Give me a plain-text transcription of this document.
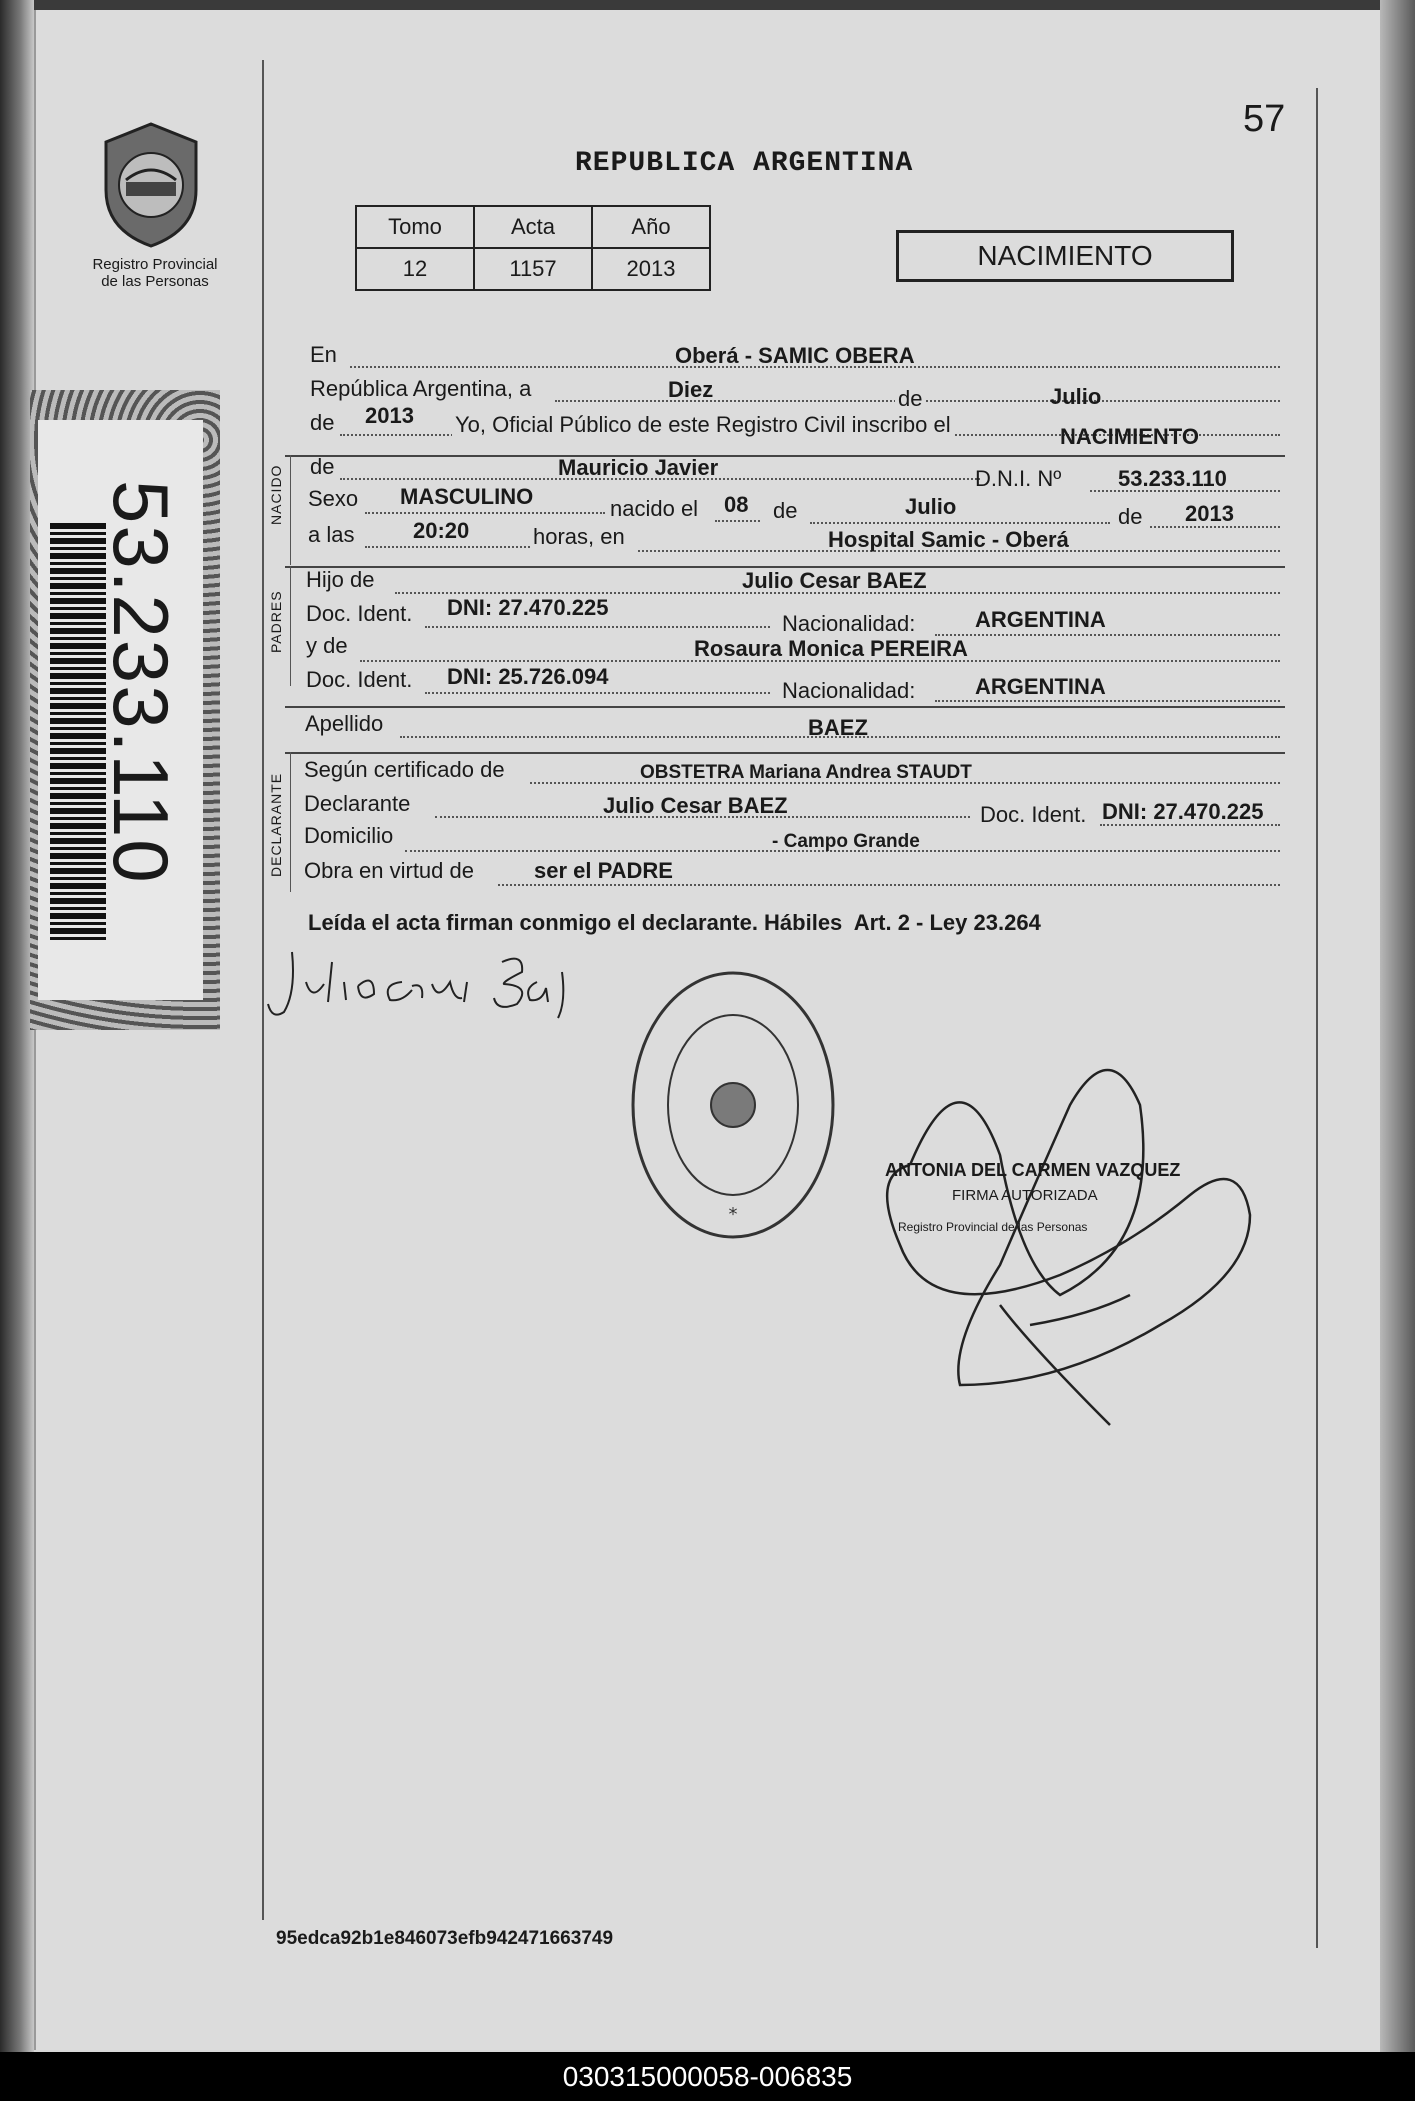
57
Registro Provincial
de las Personas
53.233.110
REPUBLICA ARGENTINA
Tomo	Acta	Año
12	1157	2013	NACIMIENTO
En	Oberá - SAMIC OBERA
República Argentina, a	Diez	de	Julio
de 2013 Yo, Oficial Público de este Registro Civil inscribo el	NACIMIENTO
NACIDO de	Mauricio Javier	D.N.I. Nº	53.233.110
Sexo MASCULINO	nacido el 08 de	Julio	de 2013
a las	20:20	horas, en	Hospital Samic - Oberá
PADRES
Hijo de	Julio Cesar BAEZ
Doc. Ident. DNI: 27.470.225
Nacionalidad:	ARGENTINA
y de	Rosaura Monica PEREIRA
Doc. Ident. DNI: 25.726.094
Nacionalidad:	ARGENTINA
Apellido	BAEZ
DECLARANTE
Según certificado de	OBSTETRA Mariana Andrea STAUDT
Declarante	Julio Cesar BAEZ	Doc. Ident. DNI: 27.470.225
Domicilio	- Campo Grande
Obra en virtud de	ser el PADRE
Leída el acta firman conmigo el declarante. Hábiles  Art. 2 - Ley 23.264
*
ANTONIA DEL CARMEN VAZQUEZ
FIRMA AUTORIZADA
Registro Provincial de las Personas
95edca92b1e846073efb942471663749
030315000058-006835
